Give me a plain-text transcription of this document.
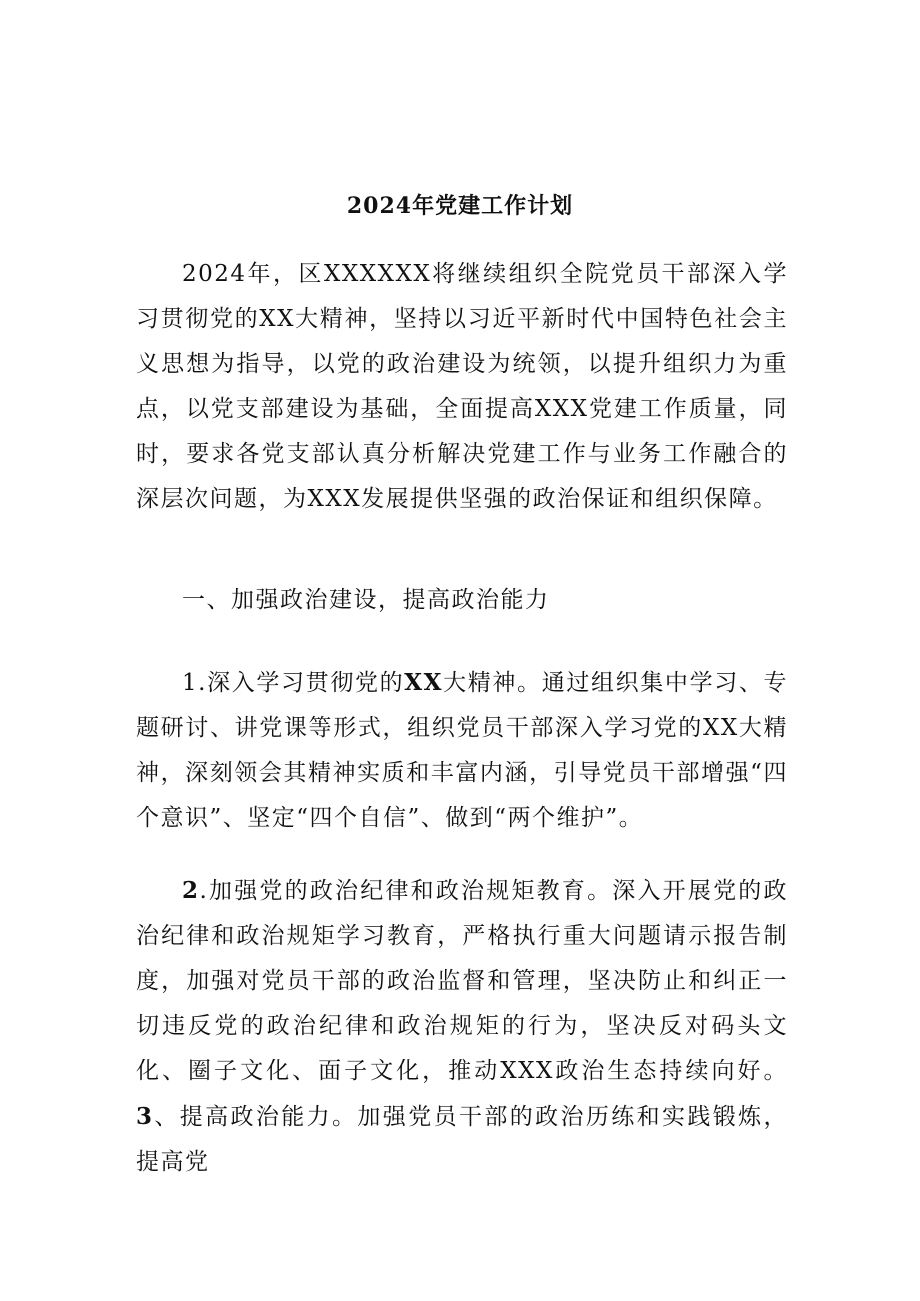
2024年党建工作计划

2024年，区XXXXXX将继续组织全院党员干部深入学习贯彻党的XX大精神，坚持以习近平新时代中国特色社会主义思想为指导，以党的政治建设为统领，以提升组织力为重点，以党支部建设为基础，全面提高XXX党建工作质量，同时，要求各党支部认真分析解决党建工作与业务工作融合的深层次问题，为XXX发展提供坚强的政治保证和组织保障。

一、加强政治建设，提高政治能力

1.深入学习贯彻党的XX大精神。通过组织集中学习、专题研讨、讲党课等形式，组织党员干部深入学习党的XX大精神，深刻领会其精神实质和丰富内涵，引导党员干部增强“四个意识”、坚定“四个自信”、做到“两个维护”。

2.加强党的政治纪律和政治规矩教育。深入开展党的政治纪律和政治规矩学习教育，严格执行重大问题请示报告制度，加强对党员干部的政治监督和管理，坚决防止和纠正一切违反党的政治纪律和政治规矩的行为，坚决反对码头文化、圈子文化、面子文化，推动XXX政治生态持续向好。3、提高政治能力。加强党员干部的政治历练和实践锻炼，提高党
